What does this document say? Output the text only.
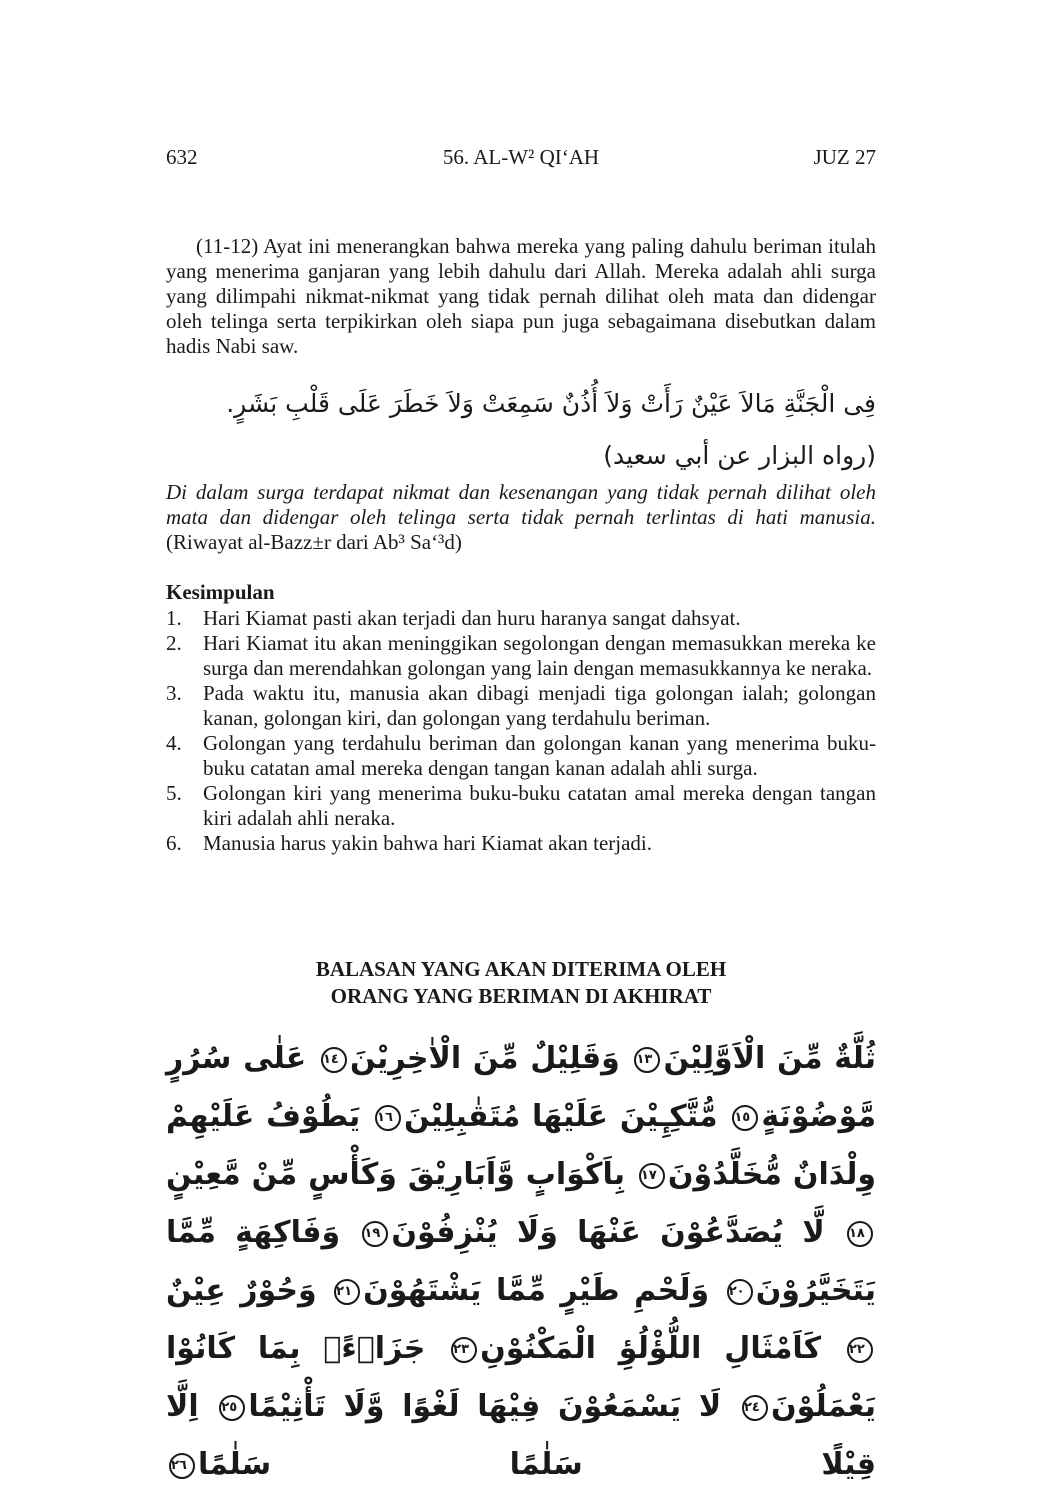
632	56. AL-W² QI‘AH	JUZ 27
(11-12) Ayat ini menerangkan bahwa mereka yang paling dahulu beriman itulah yang menerima ganjaran yang lebih dahulu dari Allah. Mereka adalah ahli surga yang dilimpahi nikmat-nikmat yang tidak pernah dilihat oleh mata dan didengar oleh telinga serta terpikirkan oleh siapa pun juga sebagaimana disebutkan dalam hadis Nabi saw.
فِى الْجَنَّةِ مَالاَ عَيْنٌ رَأَتْ وَلاَ أُذُنٌ سَمِعَتْ وَلاَ خَطَرَ عَلَى قَلْبِ بَشَرٍ. (رواه البزار عن أبي سعيد)
Di dalam surga terdapat nikmat dan kesenangan yang tidak pernah dilihat oleh mata dan didengar oleh telinga serta tidak pernah terlintas di hati manusia. (Riwayat al-Bazz±r dari Ab³ Sa‘³d)
Kesimpulan
1. Hari Kiamat pasti akan terjadi dan huru haranya sangat dahsyat.
2. Hari Kiamat itu akan meninggikan segolongan dengan memasukkan mereka ke surga dan merendahkan golongan yang lain dengan memasukkannya ke neraka.
3. Pada waktu itu, manusia akan dibagi menjadi tiga golongan ialah; golongan kanan, golongan kiri, dan golongan yang terdahulu beriman.
4. Golongan yang terdahulu beriman dan golongan kanan yang menerima buku-buku catatan amal mereka dengan tangan kanan adalah ahli surga.
5. Golongan kiri yang menerima buku-buku catatan amal mereka dengan tangan kiri adalah ahli neraka.
6. Manusia harus yakin bahwa hari Kiamat akan terjadi.
BALASAN YANG AKAN DITERIMA OLEH
ORANG YANG BERIMAN DI AKHIRAT
ثُلَّةٌ مِّنَ الْاَوَّلِيْنَ١٣ وَقَلِيْلٌ مِّنَ الْاٰخِرِيْنَ١٤ عَلٰى سُرُرٍ مَّوْضُوْنَةٍ١٥ مُّتَّكِـِٕيْنَ عَلَيْهَا مُتَقٰبِلِيْنَ١٦ يَطُوْفُ عَلَيْهِمْ وِلْدَانٌ مُّخَلَّدُوْنَ١٧ بِاَكْوَابٍ وَّاَبَارِيْقَ وَكَأْسٍ مِّنْ مَّعِيْنٍ١٨ لَّا يُصَدَّعُوْنَ عَنْهَا وَلَا يُنْزِفُوْنَ١٩ وَفَاكِهَةٍ مِّمَّا يَتَخَيَّرُوْنَ٢٠ وَلَحْمِ طَيْرٍ مِّمَّا يَشْتَهُوْنَ٢١ وَحُوْرٌ عِيْنٌ٢٢ كَاَمْثَالِ اللُّؤْلُؤِ الْمَكْنُوْنِ٢٣ جَزَاۤءًۢ بِمَا كَانُوْا يَعْمَلُوْنَ٢٤ لَا يَسْمَعُوْنَ فِيْهَا لَغْوًا وَّلَا تَأْثِيْمًا٢٥ اِلَّا قِيْلًا سَلٰمًا سَلٰمًا٢٦
